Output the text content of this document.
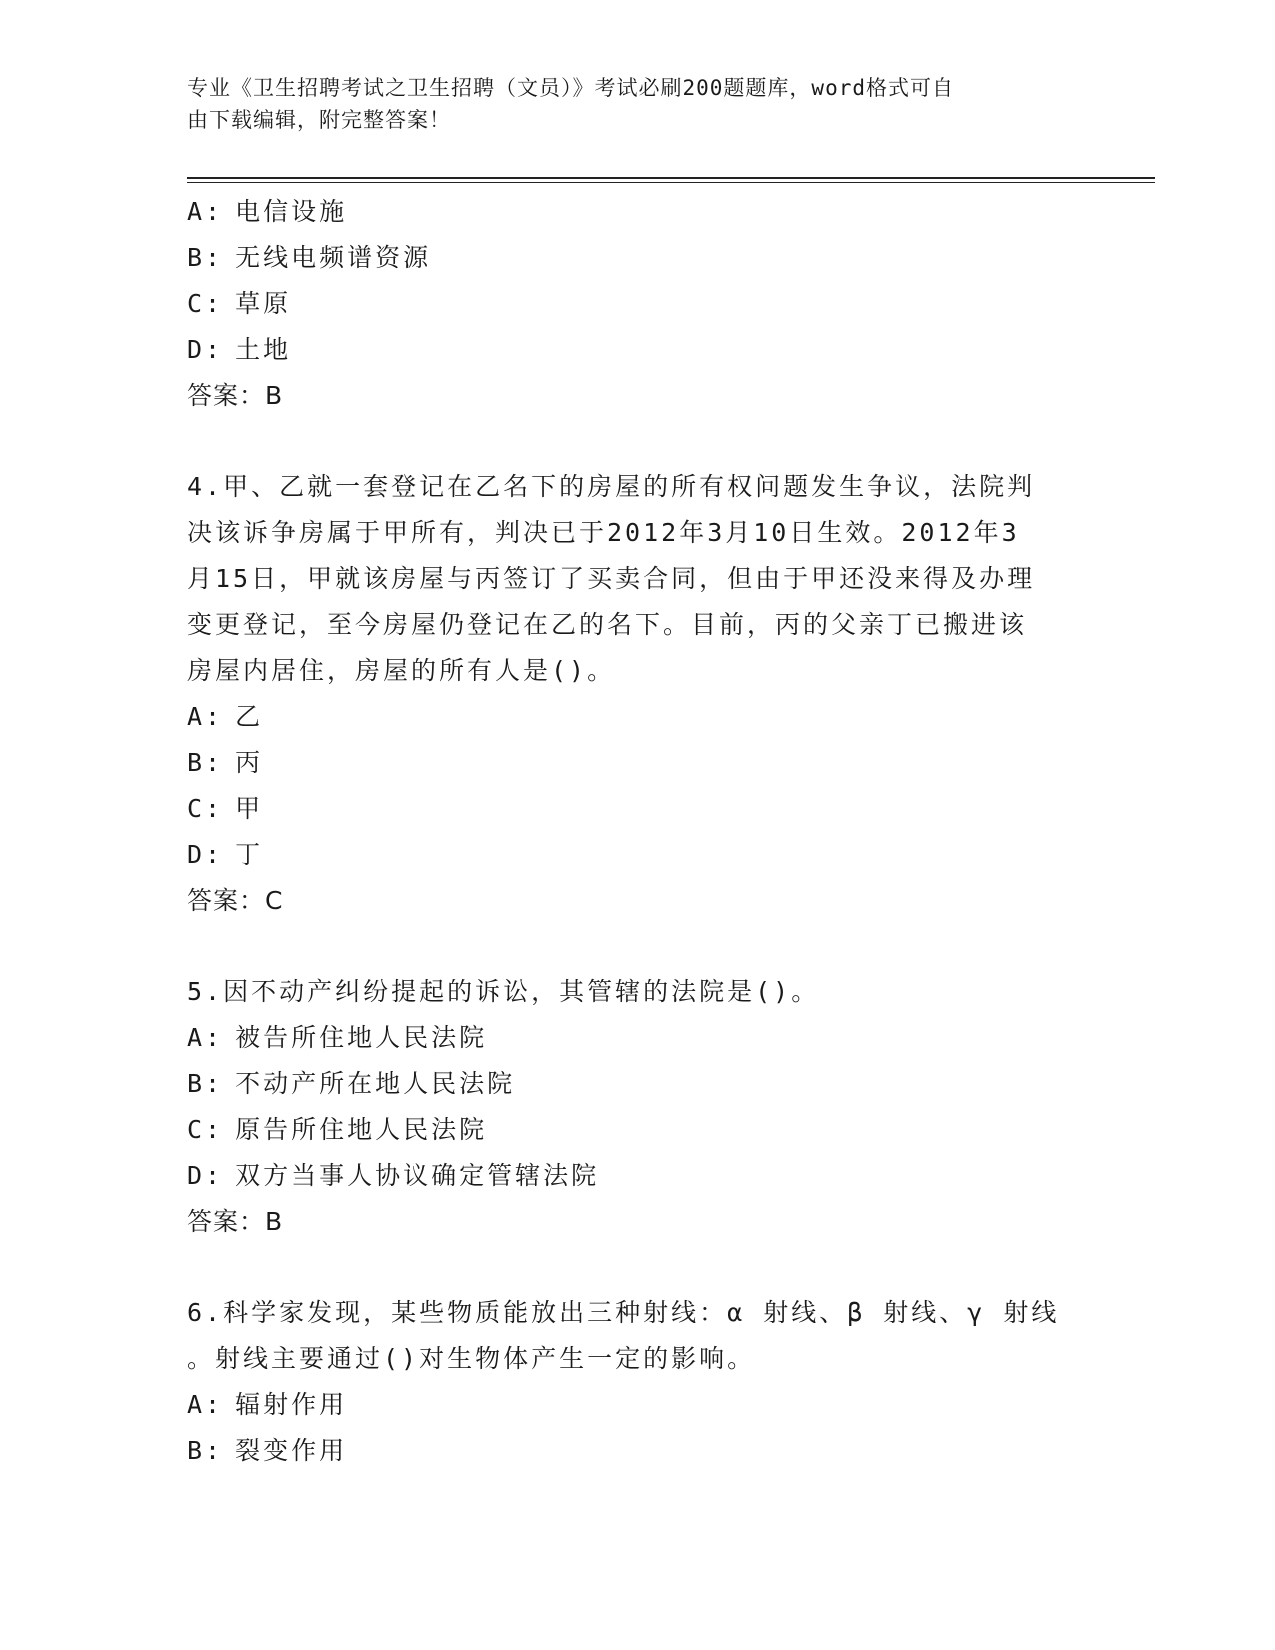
专业《卫生招聘考试之卫生招聘（文员）》考试必刷200题题库，word格式可自
由下载编辑，附完整答案！
A: 电信设施
B: 无线电频谱资源
C: 草原
D: 土地
答案：B
4.甲、乙就一套登记在乙名下的房屋的所有权问题发生争议，法院判
决该诉争房属于甲所有，判决已于2012年3月10日生效。2012年3
月15日，甲就该房屋与丙签订了买卖合同，但由于甲还没来得及办理
变更登记，至今房屋仍登记在乙的名下。目前，丙的父亲丁已搬进该
房屋内居住，房屋的所有人是()。
A: 乙
B: 丙
C: 甲
D: 丁
答案：C
5.因不动产纠纷提起的诉讼，其管辖的法院是()。
A: 被告所住地人民法院
B: 不动产所在地人民法院
C: 原告所住地人民法院
D: 双方当事人协议确定管辖法院
答案：B
6.科学家发现，某些物质能放出三种射线：α 射线、β 射线、γ 射线
。射线主要通过()对生物体产生一定的影响。
A: 辐射作用
B: 裂变作用
